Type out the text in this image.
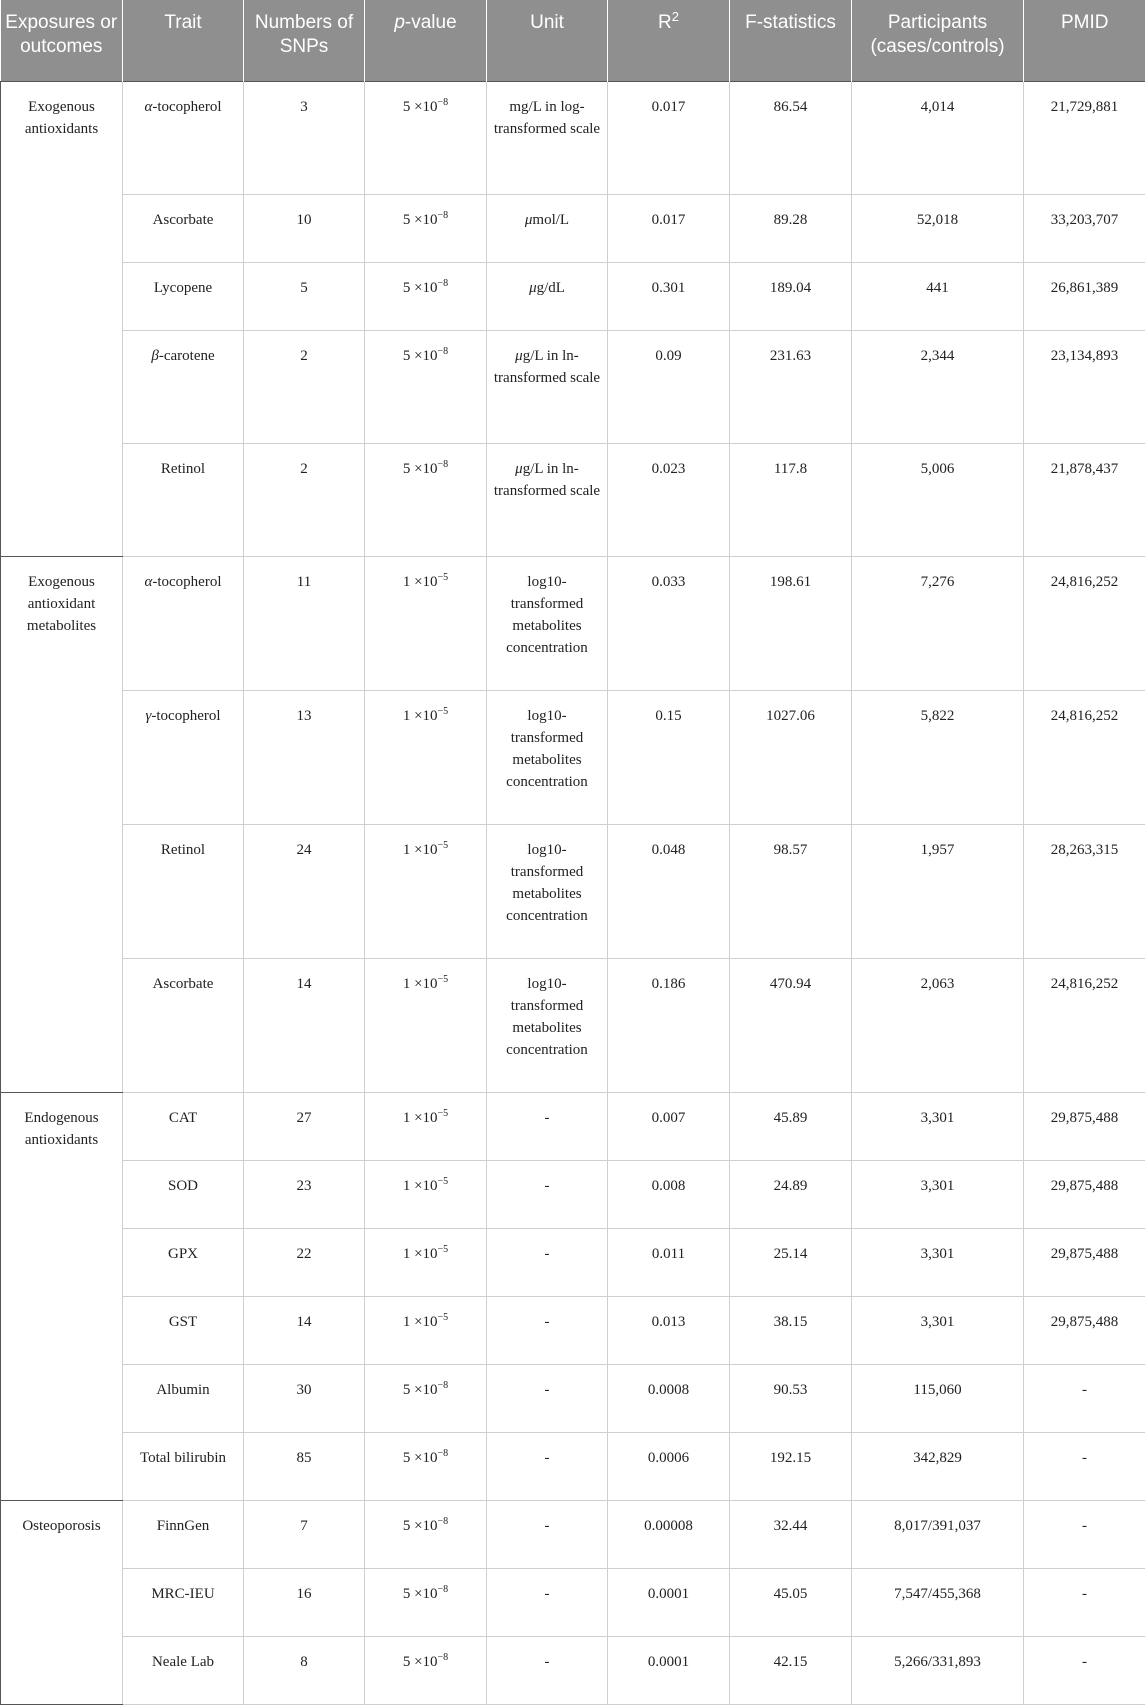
Exposures or outcomes	Trait	Numbers of SNPs	p-value	Unit	$R^2$	F-statistics	Participants (cases/controls)	PMID
Exogenous antioxidants	α-tocopherol	3	$5 \times 10^{-8}$	mg/L in log-transformed scale	0.017	86.54	4,014	21,729,881
	Ascorbate	10	$5 \times 10^{-8}$	μmol/L	0.017	89.28	52,018	33,203,707
	Lycopene	5	$5 \times 10^{-8}$	μg/dL	0.301	189.04	441	26,861,389
	β-carotene	2	$5 \times 10^{-8}$	μg/L in ln-transformed scale	0.09	231.63	2,344	23,134,893
	Retinol	2	$5 \times 10^{-8}$	μg/L in ln-transformed scale	0.023	117.8	5,006	21,878,437
Exogenous antioxidant metabolites	α-tocopherol	11	$1 \times 10^{-5}$	log10-transformed metabolites concentration	0.033	198.61	7,276	24,816,252
	γ-tocopherol	13	$1 \times 10^{-5}$	log10-transformed metabolites concentration	0.15	1027.06	5,822	24,816,252
	Retinol	24	$1 \times 10^{-5}$	log10-transformed metabolites concentration	0.048	98.57	1,957	28,263,315
	Ascorbate	14	$1 \times 10^{-5}$	log10-transformed metabolites concentration	0.186	470.94	2,063	24,816,252
Endogenous antioxidants	CAT	27	$1 \times 10^{-5}$	-	0.007	45.89	3,301	29,875,488
	SOD	23	$1 \times 10^{-5}$	-	0.008	24.89	3,301	29,875,488
	GPX	22	$1 \times 10^{-5}$	-	0.011	25.14	3,301	29,875,488
	GST	14	$1 \times 10^{-5}$	-	0.013	38.15	3,301	29,875,488
	Albumin	30	$5 \times 10^{-8}$	-	0.0008	90.53	115,060	-
	Total bilirubin	85	$5 \times 10^{-8}$	-	0.0006	192.15	342,829	-
Osteoporosis	FinnGen	7	$5 \times 10^{-8}$	-	0.00008	32.44	8,017/391,037	-
	MRC-IEU	16	$5 \times 10^{-8}$	-	0.0001	45.05	7,547/455,368	-
	Neale Lab	8	$5 \times 10^{-8}$	-	0.0001	42.15	5,266/331,893	-
